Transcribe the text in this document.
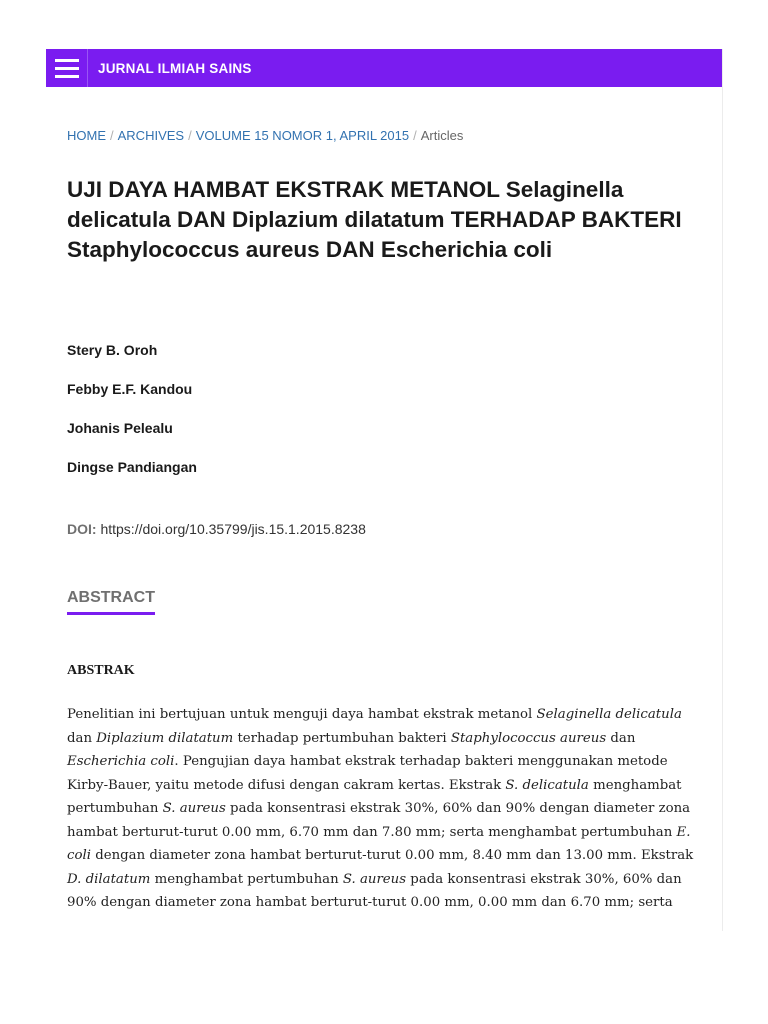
JURNAL ILMIAH SAINS
HOME / ARCHIVES / VOLUME 15 NOMOR 1, APRIL 2015 / Articles
UJI DAYA HAMBAT EKSTRAK METANOL Selaginella delicatula DAN Diplazium dilatatum TERHADAP BAKTERI Staphylococcus aureus DAN Escherichia coli
Stery B. Oroh
Febby E.F. Kandou
Johanis Pelealu
Dingse Pandiangan
DOI: https://doi.org/10.35799/jis.15.1.2015.8238
ABSTRACT
ABSTRAK

Penelitian ini bertujuan untuk menguji daya hambat ekstrak metanol Selaginella delicatula dan Diplazium dilatatum terhadap pertumbuhan bakteri Staphylococcus aureus dan Escherichia coli. Pengujian daya hambat ekstrak terhadap bakteri menggunakan metode Kirby-Bauer, yaitu metode difusi dengan cakram kertas. Ekstrak S. delicatula menghambat pertumbuhan S. aureus pada konsentrasi ekstrak 30%, 60% dan 90% dengan diameter zona hambat berturut-turut 0.00 mm, 6.70 mm dan 7.80 mm; serta menghambat pertumbuhan E. coli dengan diameter zona hambat berturut-turut 0.00 mm, 8.40 mm dan 13.00 mm. Ekstrak D. dilatatum menghambat pertumbuhan S. aureus pada konsentrasi ekstrak 30%, 60% dan 90% dengan diameter zona hambat berturut-turut 0.00 mm, 0.00 mm dan 6.70 mm; serta
